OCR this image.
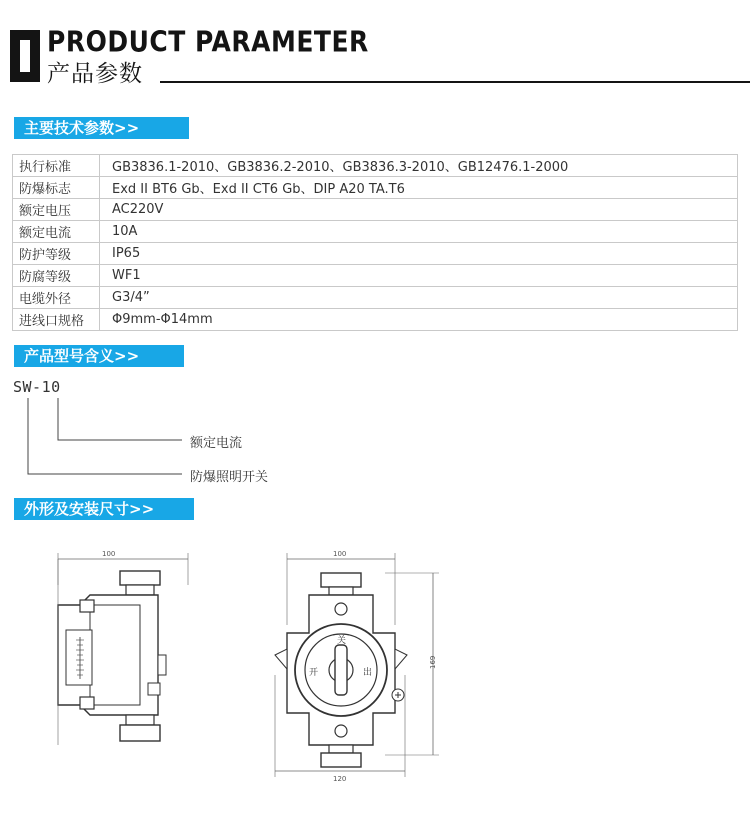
PRODUCT PARAMETER
产品参数
主要技术参数>>
执行标准	GB3836.1-2010、GB3836.2-2010、GB3836.3-2010、GB12476.1-2000
防爆标志	Exd II BT6 Gb、Exd II CT6 Gb、DIP A20 TA.T6
额定电压	AC220V
额定电流	10A
防护等级	IP65
防腐等级	WF1
电缆外径	G3/4”
进线口规格	Φ9mm-Φ14mm
产品型号含义>>
SW-10
额定电流
防爆照明开关
外形及安装尺寸>>
100	100
169
120
关
开	出
